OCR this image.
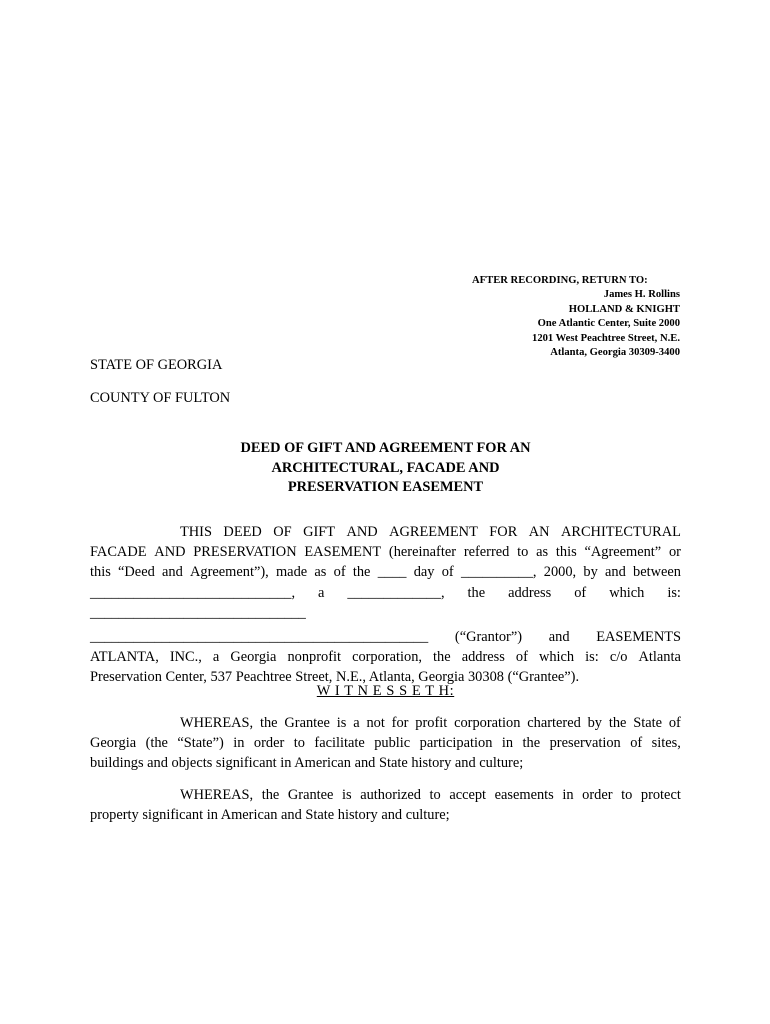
AFTER RECORDING, RETURN TO:
James H. Rollins
HOLLAND & KNIGHT
One Atlantic Center, Suite 2000
1201 West Peachtree Street, N.E.
Atlanta, Georgia 30309-3400
STATE OF GEORGIA
COUNTY OF FULTON
DEED OF GIFT AND AGREEMENT FOR AN
ARCHITECTURAL, FACADE AND
PRESERVATION EASEMENT
THIS DEED OF GIFT AND AGREEMENT FOR AN ARCHITECTURAL
FACADE AND PRESERVATION EASEMENT (hereinafter referred to as this “Agreement” or
this “Deed and Agreement”), made as of the ____ day of __________, 2000, by and between
____________________________, a _____________, the address of which is:
______________________________
_______________________________________________ (“Grantor”) and EASEMENTS
ATLANTA, INC., a Georgia nonprofit corporation, the address of which is: c/o Atlanta
Preservation Center, 537 Peachtree Street, N.E., Atlanta, Georgia 30308 (“Grantee”).
W I T N E S S E T H:
WHEREAS, the Grantee is a not for profit corporation chartered by the State of
Georgia (the “State”) in order to facilitate public participation in the preservation of sites,
buildings and objects significant in American and State history and culture;
WHEREAS, the Grantee is authorized to accept easements in order to protect
property significant in American and State history and culture;
